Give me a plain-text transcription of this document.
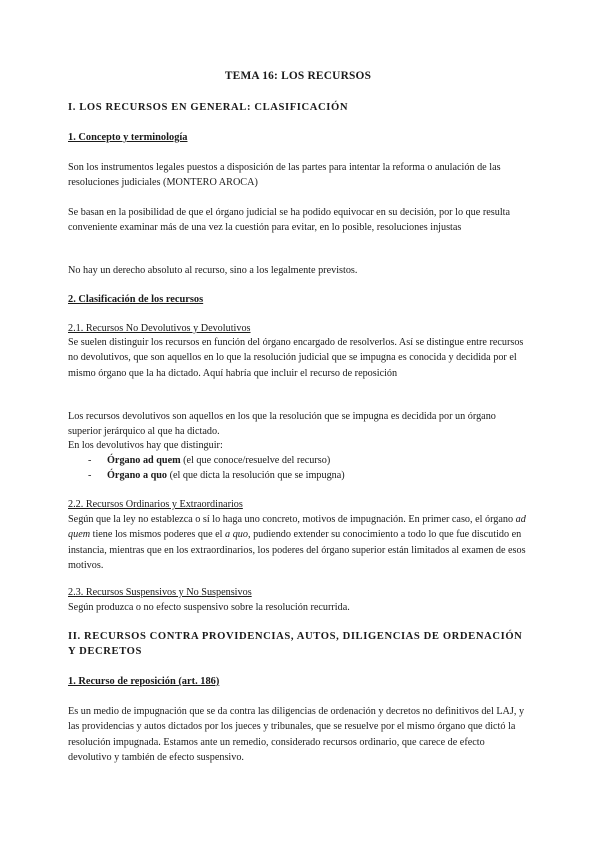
TEMA 16: LOS RECURSOS

I. LOS RECURSOS EN GENERAL: CLASIFICACIÓN

1. Concepto y terminología

Son los instrumentos legales puestos a disposición de las partes para intentar la reforma o anulación de las resoluciones judiciales (MONTERO AROCA)

Se basan en la posibilidad de que el órgano judicial se ha podido equivocar en su decisión, por lo que resulta conveniente examinar más de una vez la cuestión para evitar, en lo posible, resoluciones injustas

No hay un derecho absoluto al recurso, sino a los legalmente previstos.

2. Clasificación de los recursos

2.1. Recursos No Devolutivos y Devolutivos

Se suelen distinguir los recursos en función del órgano encargado de resolverlos. Así se distingue entre recursos no devolutivos, que son aquellos en lo que la resolución judicial que se impugna es conocida y decidida por el mismo órgano que la ha dictado. Aquí habría que incluir el recurso de reposición

Los recursos devolutivos son aquellos en los que la resolución que se impugna es decidida por un órgano superior jerárquico al que ha dictado.

En los devolutivos hay que distinguir:

- Órgano ad quem (el que conoce/resuelve del recurso)
- Órgano a quo (el que dicta la resolución que se impugna)

2.2. Recursos Ordinarios y Extraordinarios

Según que la ley no establezca o sí lo haga uno concreto, motivos de impugnación. En primer caso, el órgano ad quem tiene los mismos poderes que el a quo, pudiendo extender su conocimiento a todo lo que fue discutido en instancia, mientras que en los extraordinarios, los poderes del órgano superior están limitados al examen de esos motivos.

2.3. Recursos Suspensivos y No Suspensivos

Según produzca o no efecto suspensivo sobre la resolución recurrida.

II. RECURSOS CONTRA PROVIDENCIAS, AUTOS, DILIGENCIAS DE ORDENACIÓN Y DECRETOS

1. Recurso de reposición (art. 186)

Es un medio de impugnación que se da contra las diligencias de ordenación y decretos no definitivos del LAJ, y las providencias y autos dictados por los jueces y tribunales, que se resuelve por el mismo órgano que dictó la resolución impugnada. Estamos ante un remedio, considerado recursos ordinario, que carece de efecto devolutivo y también de efecto suspensivo.
